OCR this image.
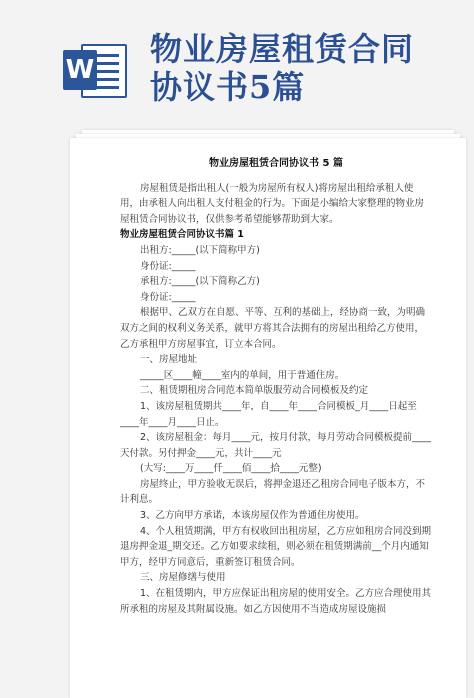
W
物业房屋租赁合同
协议书5篇
物业房屋租赁合同协议书 5 篇

房屋租赁是指出租人(一般为房屋所有权人)将房屋出租给承租人使用，由承租人向出租人支付租金的行为。下面是小编给大家整理的物业房屋租赁合同协议书，仅供参考希望能够帮助到大家。

物业房屋租赁合同协议书篇 1

出租方:_____(以下简称甲方)

身份证:_____

承租方:_____(以下简称乙方)

身份证:_____

根据甲、乙双方在自愿、平等、互利的基础上，经协商一致，为明确双方之间的权利义务关系，就甲方将其合法拥有的房屋出租给乙方使用，乙方承租甲方房屋事宜，订立本合同。

一、房屋地址

_____区____幢____室内的单间，用于普通住房。

二、租赁期租房合同范本简单版服劳动合同模板及约定

1、该房屋租赁期共____年，自____年____合同模板_月____日起至____年____月____日止。

2、该房屋租金：每月____元，按月付款，每月劳动合同模板提前____天付款。另付押金____元，共计____元

(大写:____万____仟____佰____拾____元整)

房屋终止，甲方验收无误后，将押金退还乙租房合同电子版本方，不计利息。

3、乙方向甲方承诺，本该房屋仅作为普通住房使用。

4、个人租赁期满，甲方有权收回出租房屋，乙方应如租房合同没到期退房押金退_期交还。乙方如要求续租，则必须在租赁期满前__个月内通知甲方，经甲方同意后，重新签订租赁合同。

三、房屋修缮与使用

1、在租赁期内，甲方应保证出租房屋的使用安全。乙方应合理使用其所承租的房屋及其附属设施。如乙方因使用不当造成房屋设施损
